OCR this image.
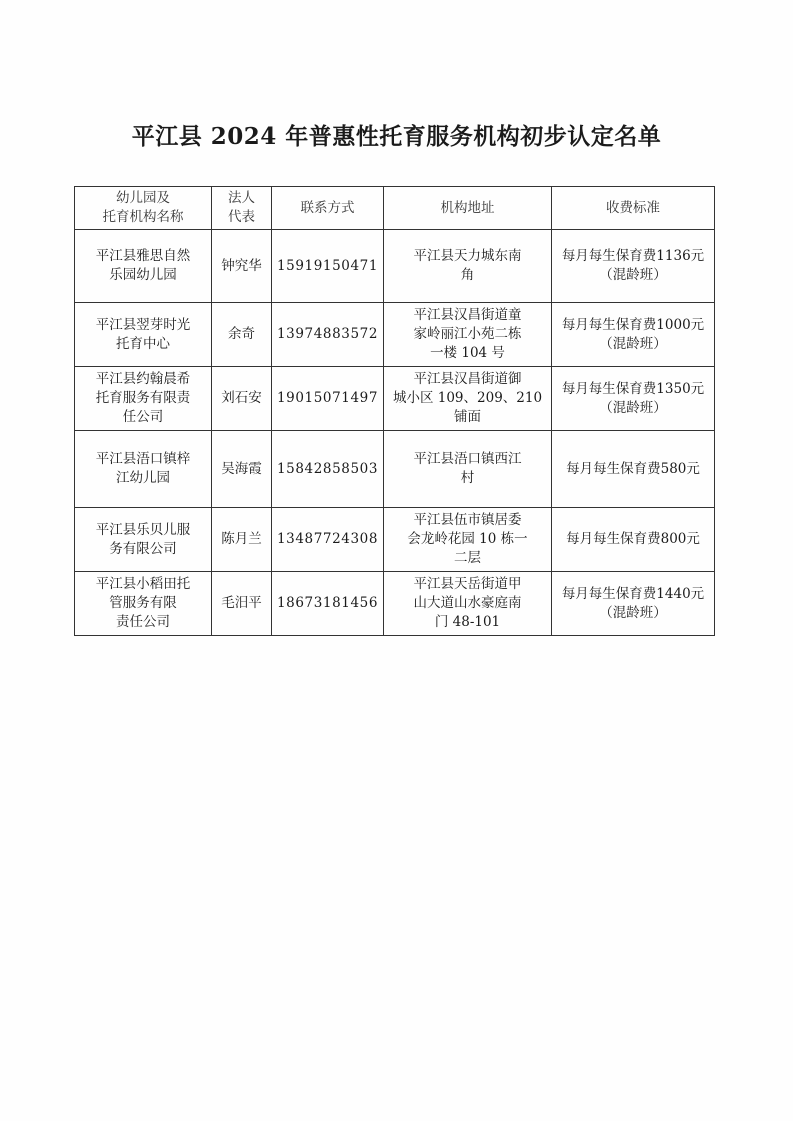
平江县 2024 年普惠性托育服务机构初步认定名单
幼儿园及
托育机构名称	法人
代表	联系方式	机构地址	收费标准

平江县雅思自然
乐园幼儿园	钟究华	15919150471	平江县天力城东南
角	每月每生保育费1136元
（混龄班）

平江县翌芽时光
托育中心	余奇	13974883572	平江县汉昌街道童
家岭丽江小苑二栋
一楼 104 号	每月每生保育费1000元
（混龄班）

平江县约翰晨希
托育服务有限责
任公司	刘石安	19015071497	平江县汉昌街道御
城小区 109、209、210
铺面	每月每生保育费1350元
（混龄班）

平江县浯口镇梓
江幼儿园	吴海霞	15842858503	平江县浯口镇西江
村	每月每生保育费580元

平江县乐贝儿服
务有限公司	陈月兰	13487724308	平江县伍市镇居委
会龙岭花园 10 栋一
二层	每月每生保育费800元

平江县小稻田托
管服务有限
责任公司	毛汨平	18673181456	平江县天岳街道甲
山大道山水豪庭南
门 48-101	每月每生保育费1440元
（混龄班）
